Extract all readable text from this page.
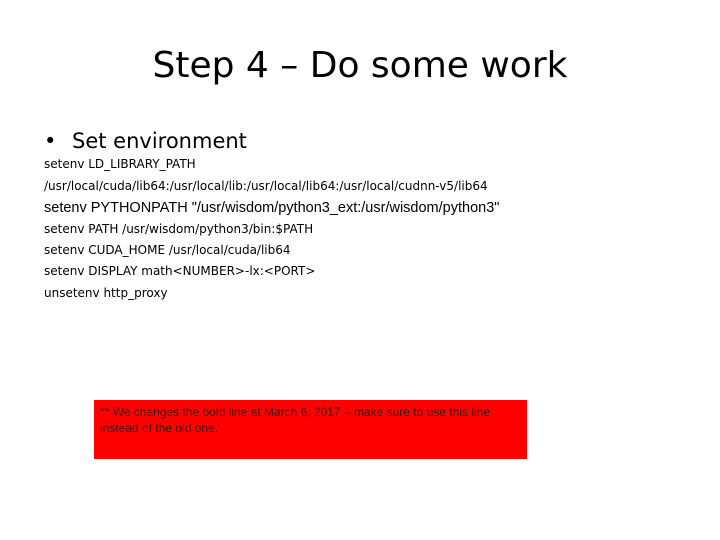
Step 4 – Do some work
• Set environment
setenv LD_LIBRARY_PATH
/usr/local/cuda/lib64:/usr/local/lib:/usr/local/lib64:/usr/local/cudnn-v5/lib64
setenv PYTHONPATH "/usr/wisdom/python3_ext:/usr/wisdom/python3"
setenv PATH /usr/wisdom/python3/bin:$PATH
setenv CUDA_HOME /usr/local/cuda/lib64
setenv DISPLAY math<NUMBER>-lx:<PORT>
unsetenv http_proxy
** We changes the bold line at March 6, 2017 – make sure to use this line instead of the old one.
